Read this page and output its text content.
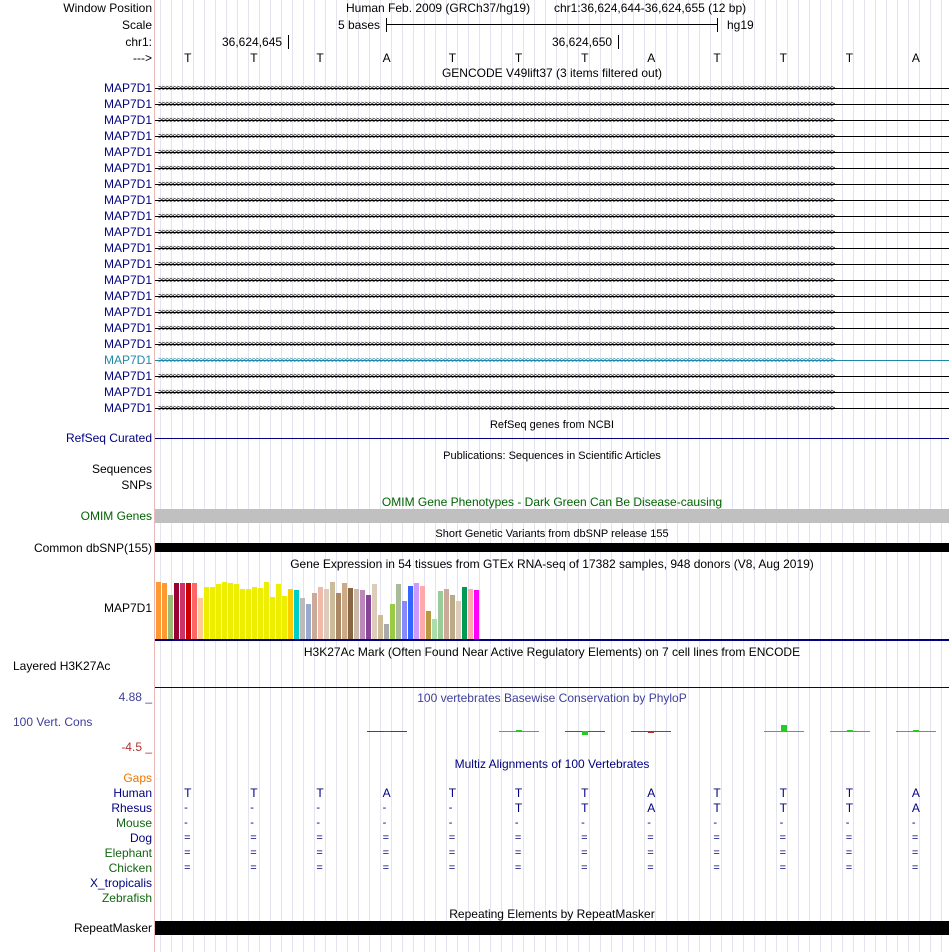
Window Position	Human Feb. 2009 (GRCh37/hg19) chr1:36,624,644-36,624,655 (12 bp)
Scale	5 bases	hg19
chr1:	36,624,645	36,624,650
--->	T	T	T	A	T	T	T	A	T	T	T	A
GENCODE V49lift37 (3 items filtered out)
MAP7D1 >>>>>>>>>>>>>>>>>>>>>>>>>>>>>>>>>>>>>>>>>>>>>>>>>>>>>>>>>>>>>>>>>>>>>>>>>>>>>>>>>>>>>>>>>>>>>>>>>>>>>>>>>>>>>>>>>>>>>>>>>>>>>>>>>>>>>>>>>>>>>>>>>>>>>>>>>>>>>>>>>>>>>>>>>>>>>>>>>>>>
MAP7D1 >>>>>>>>>>>>>>>>>>>>>>>>>>>>>>>>>>>>>>>>>>>>>>>>>>>>>>>>>>>>>>>>>>>>>>>>>>>>>>>>>>>>>>>>>>>>>>>>>>>>>>>>>>>>>>>>>>>>>>>>>>>>>>>>>>>>>>>>>>>>>>>>>>>>>>>>>>>>>>>>>>>>>>>>>>>>>>>>>>>>
MAP7D1 >>>>>>>>>>>>>>>>>>>>>>>>>>>>>>>>>>>>>>>>>>>>>>>>>>>>>>>>>>>>>>>>>>>>>>>>>>>>>>>>>>>>>>>>>>>>>>>>>>>>>>>>>>>>>>>>>>>>>>>>>>>>>>>>>>>>>>>>>>>>>>>>>>>>>>>>>>>>>>>>>>>>>>>>>>>>>>>>>>>>
MAP7D1 >>>>>>>>>>>>>>>>>>>>>>>>>>>>>>>>>>>>>>>>>>>>>>>>>>>>>>>>>>>>>>>>>>>>>>>>>>>>>>>>>>>>>>>>>>>>>>>>>>>>>>>>>>>>>>>>>>>>>>>>>>>>>>>>>>>>>>>>>>>>>>>>>>>>>>>>>>>>>>>>>>>>>>>>>>>>>>>>>>>>
MAP7D1 >>>>>>>>>>>>>>>>>>>>>>>>>>>>>>>>>>>>>>>>>>>>>>>>>>>>>>>>>>>>>>>>>>>>>>>>>>>>>>>>>>>>>>>>>>>>>>>>>>>>>>>>>>>>>>>>>>>>>>>>>>>>>>>>>>>>>>>>>>>>>>>>>>>>>>>>>>>>>>>>>>>>>>>>>>>>>>>>>>>>
MAP7D1 >>>>>>>>>>>>>>>>>>>>>>>>>>>>>>>>>>>>>>>>>>>>>>>>>>>>>>>>>>>>>>>>>>>>>>>>>>>>>>>>>>>>>>>>>>>>>>>>>>>>>>>>>>>>>>>>>>>>>>>>>>>>>>>>>>>>>>>>>>>>>>>>>>>>>>>>>>>>>>>>>>>>>>>>>>>>>>>>>>>>
MAP7D1 >>>>>>>>>>>>>>>>>>>>>>>>>>>>>>>>>>>>>>>>>>>>>>>>>>>>>>>>>>>>>>>>>>>>>>>>>>>>>>>>>>>>>>>>>>>>>>>>>>>>>>>>>>>>>>>>>>>>>>>>>>>>>>>>>>>>>>>>>>>>>>>>>>>>>>>>>>>>>>>>>>>>>>>>>>>>>>>>>>>>
MAP7D1 >>>>>>>>>>>>>>>>>>>>>>>>>>>>>>>>>>>>>>>>>>>>>>>>>>>>>>>>>>>>>>>>>>>>>>>>>>>>>>>>>>>>>>>>>>>>>>>>>>>>>>>>>>>>>>>>>>>>>>>>>>>>>>>>>>>>>>>>>>>>>>>>>>>>>>>>>>>>>>>>>>>>>>>>>>>>>>>>>>>>
MAP7D1 >>>>>>>>>>>>>>>>>>>>>>>>>>>>>>>>>>>>>>>>>>>>>>>>>>>>>>>>>>>>>>>>>>>>>>>>>>>>>>>>>>>>>>>>>>>>>>>>>>>>>>>>>>>>>>>>>>>>>>>>>>>>>>>>>>>>>>>>>>>>>>>>>>>>>>>>>>>>>>>>>>>>>>>>>>>>>>>>>>>>
MAP7D1 >>>>>>>>>>>>>>>>>>>>>>>>>>>>>>>>>>>>>>>>>>>>>>>>>>>>>>>>>>>>>>>>>>>>>>>>>>>>>>>>>>>>>>>>>>>>>>>>>>>>>>>>>>>>>>>>>>>>>>>>>>>>>>>>>>>>>>>>>>>>>>>>>>>>>>>>>>>>>>>>>>>>>>>>>>>>>>>>>>>>
MAP7D1 >>>>>>>>>>>>>>>>>>>>>>>>>>>>>>>>>>>>>>>>>>>>>>>>>>>>>>>>>>>>>>>>>>>>>>>>>>>>>>>>>>>>>>>>>>>>>>>>>>>>>>>>>>>>>>>>>>>>>>>>>>>>>>>>>>>>>>>>>>>>>>>>>>>>>>>>>>>>>>>>>>>>>>>>>>>>>>>>>>>>
MAP7D1 >>>>>>>>>>>>>>>>>>>>>>>>>>>>>>>>>>>>>>>>>>>>>>>>>>>>>>>>>>>>>>>>>>>>>>>>>>>>>>>>>>>>>>>>>>>>>>>>>>>>>>>>>>>>>>>>>>>>>>>>>>>>>>>>>>>>>>>>>>>>>>>>>>>>>>>>>>>>>>>>>>>>>>>>>>>>>>>>>>>>
MAP7D1 >>>>>>>>>>>>>>>>>>>>>>>>>>>>>>>>>>>>>>>>>>>>>>>>>>>>>>>>>>>>>>>>>>>>>>>>>>>>>>>>>>>>>>>>>>>>>>>>>>>>>>>>>>>>>>>>>>>>>>>>>>>>>>>>>>>>>>>>>>>>>>>>>>>>>>>>>>>>>>>>>>>>>>>>>>>>>>>>>>>>
MAP7D1 >>>>>>>>>>>>>>>>>>>>>>>>>>>>>>>>>>>>>>>>>>>>>>>>>>>>>>>>>>>>>>>>>>>>>>>>>>>>>>>>>>>>>>>>>>>>>>>>>>>>>>>>>>>>>>>>>>>>>>>>>>>>>>>>>>>>>>>>>>>>>>>>>>>>>>>>>>>>>>>>>>>>>>>>>>>>>>>>>>>>
MAP7D1 >>>>>>>>>>>>>>>>>>>>>>>>>>>>>>>>>>>>>>>>>>>>>>>>>>>>>>>>>>>>>>>>>>>>>>>>>>>>>>>>>>>>>>>>>>>>>>>>>>>>>>>>>>>>>>>>>>>>>>>>>>>>>>>>>>>>>>>>>>>>>>>>>>>>>>>>>>>>>>>>>>>>>>>>>>>>>>>>>>>>
MAP7D1 >>>>>>>>>>>>>>>>>>>>>>>>>>>>>>>>>>>>>>>>>>>>>>>>>>>>>>>>>>>>>>>>>>>>>>>>>>>>>>>>>>>>>>>>>>>>>>>>>>>>>>>>>>>>>>>>>>>>>>>>>>>>>>>>>>>>>>>>>>>>>>>>>>>>>>>>>>>>>>>>>>>>>>>>>>>>>>>>>>>>
MAP7D1 >>>>>>>>>>>>>>>>>>>>>>>>>>>>>>>>>>>>>>>>>>>>>>>>>>>>>>>>>>>>>>>>>>>>>>>>>>>>>>>>>>>>>>>>>>>>>>>>>>>>>>>>>>>>>>>>>>>>>>>>>>>>>>>>>>>>>>>>>>>>>>>>>>>>>>>>>>>>>>>>>>>>>>>>>>>>>>>>>>>>
MAP7D1 >>>>>>>>>>>>>>>>>>>>>>>>>>>>>>>>>>>>>>>>>>>>>>>>>>>>>>>>>>>>>>>>>>>>>>>>>>>>>>>>>>>>>>>>>>>>>>>>>>>>>>>>>>>>>>>>>>>>>>>>>>>>>>>>>>>>>>>>>>>>>>>>>>>>>>>>>>>>>>>>>>>>>>>>>>>>>>>>>>>>
MAP7D1 >>>>>>>>>>>>>>>>>>>>>>>>>>>>>>>>>>>>>>>>>>>>>>>>>>>>>>>>>>>>>>>>>>>>>>>>>>>>>>>>>>>>>>>>>>>>>>>>>>>>>>>>>>>>>>>>>>>>>>>>>>>>>>>>>>>>>>>>>>>>>>>>>>>>>>>>>>>>>>>>>>>>>>>>>>>>>>>>>>>>
MAP7D1 >>>>>>>>>>>>>>>>>>>>>>>>>>>>>>>>>>>>>>>>>>>>>>>>>>>>>>>>>>>>>>>>>>>>>>>>>>>>>>>>>>>>>>>>>>>>>>>>>>>>>>>>>>>>>>>>>>>>>>>>>>>>>>>>>>>>>>>>>>>>>>>>>>>>>>>>>>>>>>>>>>>>>>>>>>>>>>>>>>>>
MAP7D1 >>>>>>>>>>>>>>>>>>>>>>>>>>>>>>>>>>>>>>>>>>>>>>>>>>>>>>>>>>>>>>>>>>>>>>>>>>>>>>>>>>>>>>>>>>>>>>>>>>>>>>>>>>>>>>>>>>>>>>>>>>>>>>>>>>>>>>>>>>>>>>>>>>>>>>>>>>>>>>>>>>>>>>>>>>>>>>>>>>>>
RefSeq genes from NCBI
RefSeq Curated
Publications: Sequences in Scientific Articles
Sequences
SNPs
OMIM Gene Phenotypes - Dark Green Can Be Disease-causing
OMIM Genes
Short Genetic Variants from dbSNP release 155
Common dbSNP(155)
Gene Expression in 54 tissues from GTEx RNA-seq of 17382 samples, 948 donors (V8, Aug 2019)
MAP7D1
H3K27Ac Mark (Often Found Near Active Regulatory Elements) on 7 cell lines from ENCODE
Layered H3K27Ac
100 vertebrates Basewise Conservation by PhyloP
4.88 _
100 Vert. Cons
-4.5 _
Multiz Alignments of 100 Vertebrates
Gaps
Human	T	T	T	A	T	T	T	A	T	T	T	A
Rhesus	-	-	-	-	-	T	T	A	T	T	T	A
Mouse	-	-	-	-	-	-	-	-	-	-	-	-
Dog	=	=	=	=	=	=	=	=	=	=	=	=
Elephant	=	=	=	=	=	=	=	=	=	=	=	=
Chicken	=	=	=	=	=	=	=	=	=	=	=	=
X_tropicalis
Zebrafish
Repeating Elements by RepeatMasker
RepeatMasker
